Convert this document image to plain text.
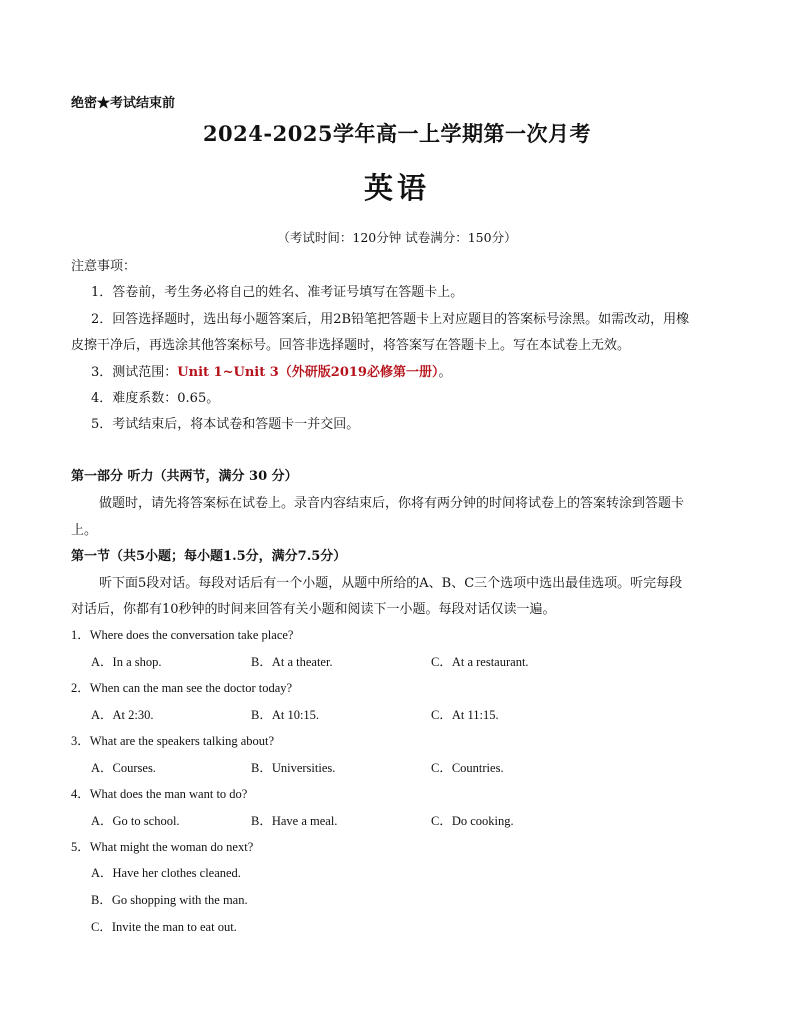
绝密★考试结束前
2024-2025学年高一上学期第一次月考
英语
（考试时间：120分钟 试卷满分：150分）
注意事项：
1．答卷前，考生务必将自己的姓名、准考证号填写在答题卡上。
2．回答选择题时，选出每小题答案后，用2B铅笔把答题卡上对应题目的答案标号涂黑。如需改动，用橡
皮擦干净后，再选涂其他答案标号。回答非选择题时，将答案写在答题卡上。写在本试卷上无效。
3．测试范围：Unit 1~Unit 3（外研版2019必修第一册）。
4．难度系数：0.65。
5．考试结束后，将本试卷和答题卡一并交回。
第一部分 听力（共两节，满分 30 分）
做题时，请先将答案标在试卷上。录音内容结束后，你将有两分钟的时间将试卷上的答案转涂到答题卡
上。
第一节（共5小题；每小题1.5分，满分7.5分）
听下面5段对话。每段对话后有一个小题，从题中所给的A、B、C三个选项中选出最佳选项。听完每段
对话后，你都有10秒钟的时间来回答有关小题和阅读下一小题。每段对话仅读一遍。
1．Where does the conversation take place?
A．In a shop.	B．At a theater.	C．At a restaurant.
2．When can the man see the doctor today?
A．At 2:30.	B．At 10:15.	C．At 11:15.
3．What are the speakers talking about?
A．Courses.	B．Universities.	C．Countries.
4．What does the man want to do?
A．Go to school.	B．Have a meal.	C．Do cooking.
5．What might the woman do next?
A．Have her clothes cleaned.
B．Go shopping with the man.
C．Invite the man to eat out.
